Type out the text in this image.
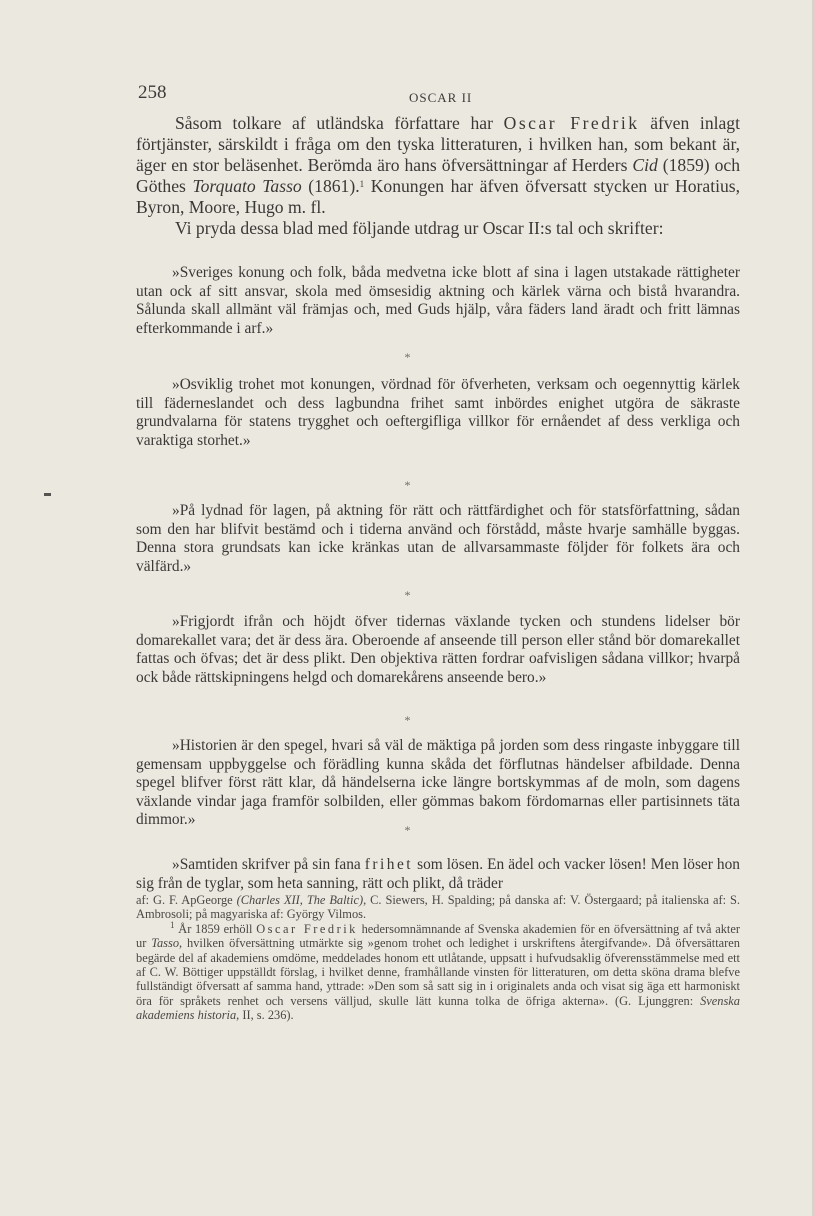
258	OSCAR II

Såsom tolkare af utländska författare har Oscar Fredrik äfven inlagt förtjänster, särskildt i fråga om den tyska litteraturen, i hvilken han, som bekant är, äger en stor beläsenhet. Berömda äro hans öfversättningar af Herders Cid (1859) och Göthes Torquato Tasso (1861).$^1$ Konungen har äfven öfversatt stycken ur Horatius, Byron, Moore, Hugo m. fl.

Vi pryda dessa blad med följande utdrag ur Oscar II:s tal och skrifter:

»Sveriges konung och folk, båda medvetna icke blott af sina i lagen utstakade rättigheter utan ock af sitt ansvar, skola med ömsesidig aktning och kärlek värna och bistå hvarandra. Sålunda skall allmänt väl främjas och, med Guds hjälp, våra fäders land äradt och fritt lämnas efterkommande i arf.»

*

»Osviklig trohet mot konungen, vördnad för öfverheten, verksam och oegennyttig kärlek till fäderneslandet och dess lagbundna frihet samt inbördes enighet utgöra de säkraste grundvalarna för statens trygghet och oeftergifliga villkor för ernåendet af dess verkliga och varaktiga storhet.»

*

»På lydnad för lagen, på aktning för rätt och rättfärdighet och för statsförfattning, sådan som den har blifvit bestämd och i tiderna använd och förstådd, måste hvarje samhälle byggas. Denna stora grundsats kan icke kränkas utan de allvarsammaste följder för folkets ära och välfärd.»

*

»Frigjordt ifrån och höjdt öfver tidernas växlande tycken och stundens lidelser bör domarekallet vara; det är dess ära. Oberoende af anseende till person eller stånd bör domarekallet fattas och öfvas; det är dess plikt. Den objektiva rätten fordrar oafvisligen sådana villkor; hvarpå ock både rättskipningens helgd och domarekårens anseende bero.»

*

»Historien är den spegel, hvari så väl de mäktiga på jorden som dess ringaste inbyggare till gemensam uppbyggelse och förädling kunna skåda det förflutnas händelser afbildade. Denna spegel blifver först rätt klar, då händelserna icke längre bortskymmas af de moln, som dagens växlande vindar jaga framför solbilden, eller gömmas bakom fördomarnas eller partisinnets täta dimmor.»

*

»Samtiden skrifver på sin fana frihet som lösen. En ädel och vacker lösen! Men löser hon sig från de tyglar, som heta sanning, rätt och plikt, då träder

af: G. F. ApGeorge (Charles XII, The Baltic), C. Siewers, H. Spalding; på danska af: V. Östergaard; på italienska af: S. Ambrosoli; på magyariska af: György Vilmos.

$^1$ År 1859 erhöll Oscar Fredrik hedersomnämnande af Svenska akademien för en öfversättning af två akter ur Tasso, hvilken öfversättning utmärkte sig »genom trohet och ledighet i urskriftens återgifvande». Då öfversättaren begärde del af akademiens omdöme, meddelades honom ett utlåtande, uppsatt i hufvudsaklig öfverensstämmelse med ett af C. W. Böttiger uppställdt förslag, i hvilket denne, framhållande vinsten för litteraturen, om detta sköna drama blefve fullständigt öfversatt af samma hand, yttrade: »Den som så satt sig in i originalets anda och visat sig äga ett harmoniskt öra för språkets renhet och versens välljud, skulle lätt kunna tolka de öfriga akterna». (G. Ljunggren: Svenska akademiens historia, II, s. 236).
